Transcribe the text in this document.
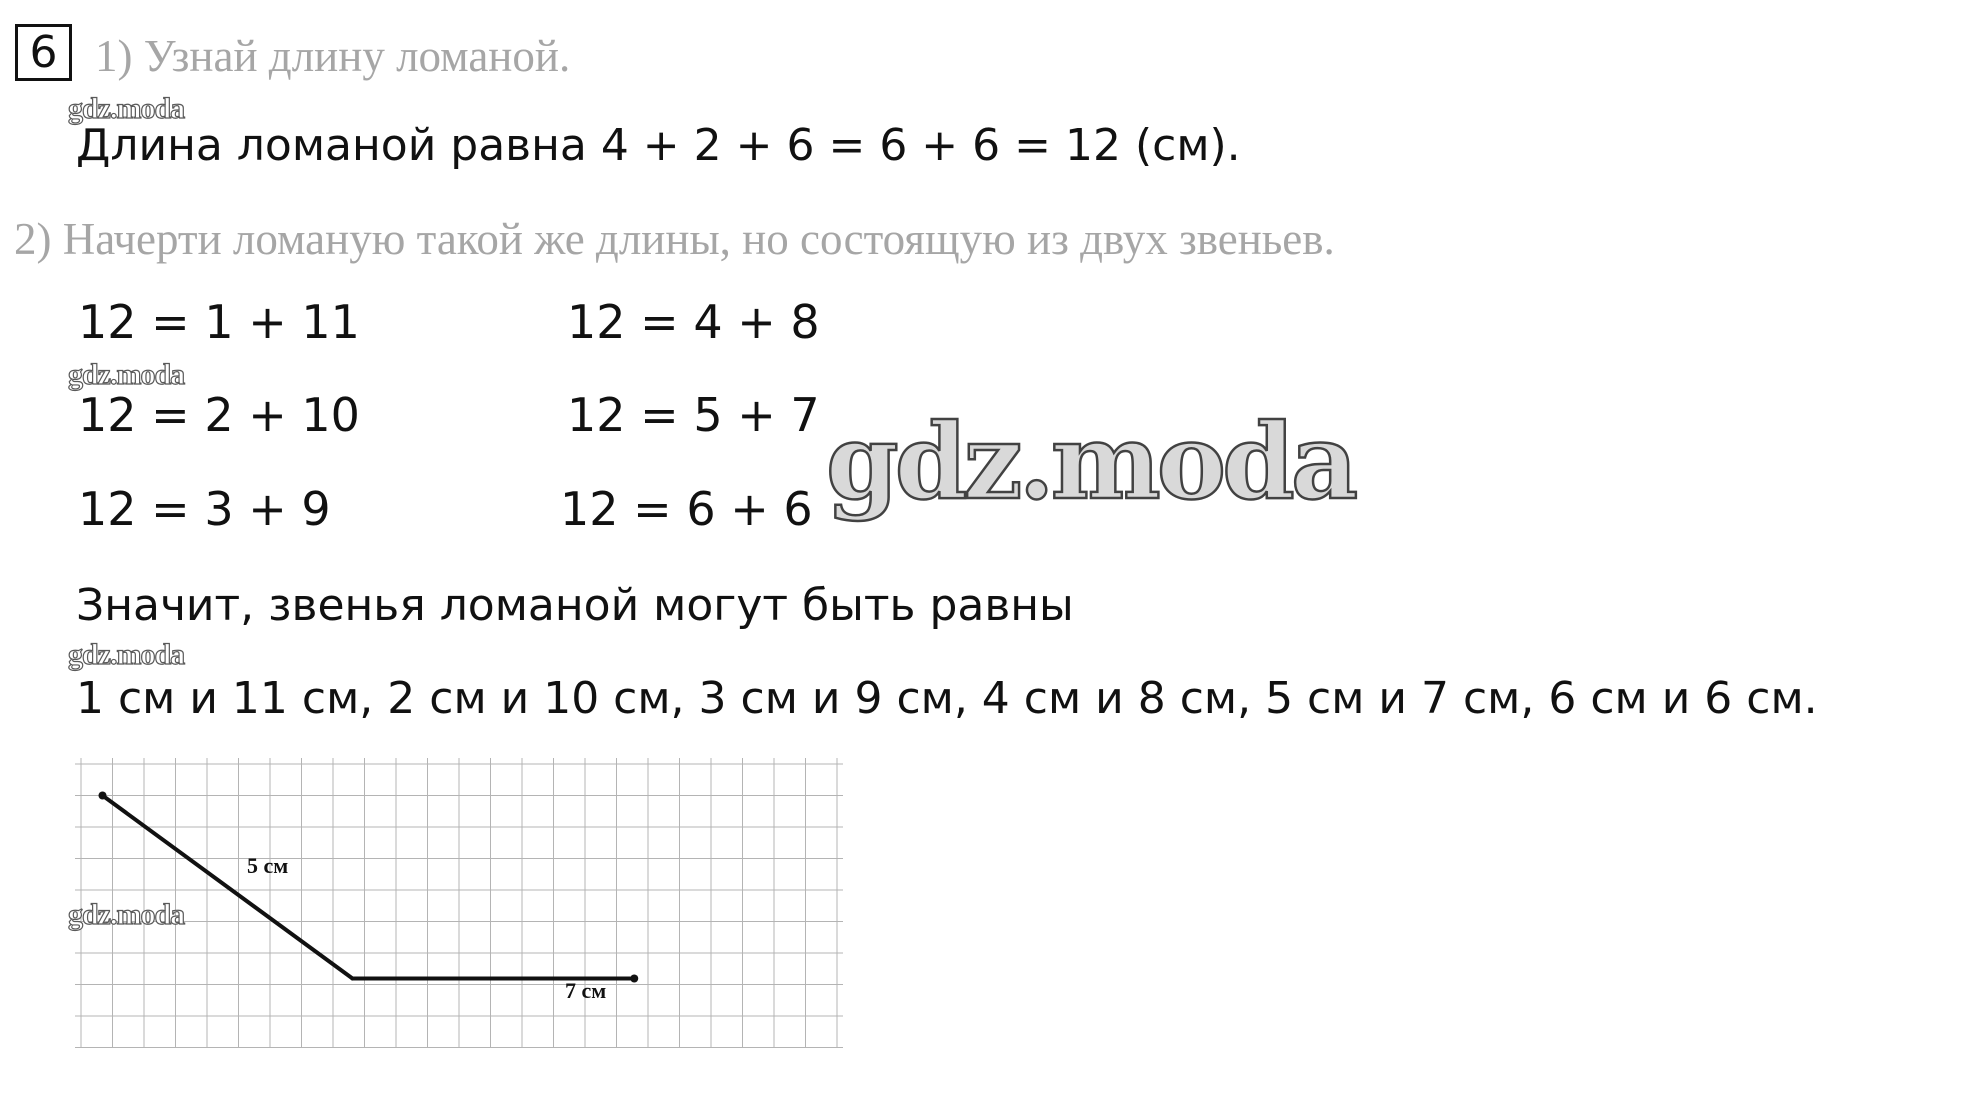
6 1) Узнай длину ломаной.
gdz.moda
Длина ломаной равна 4 + 2 + 6 = 6 + 6 = 12 (см).
2) Начерти ломаную такой же длины, но состоящую из двух звеньев.
12 = 1 + 11	12 = 4 + 8
gdz.moda
12 = 2 + 10	12 = 5 + 7
12 = 3 + 9	12 = 6 + 6 gdz.moda
Значит, звенья ломаной могут быть равны
gdz.moda
1 см и 11 см, 2 см и 10 см, 3 см и 9 см, 4 см и 8 см, 5 см и 7 см, 6 см и 6 см.
5 см
7 см
gdz.moda
